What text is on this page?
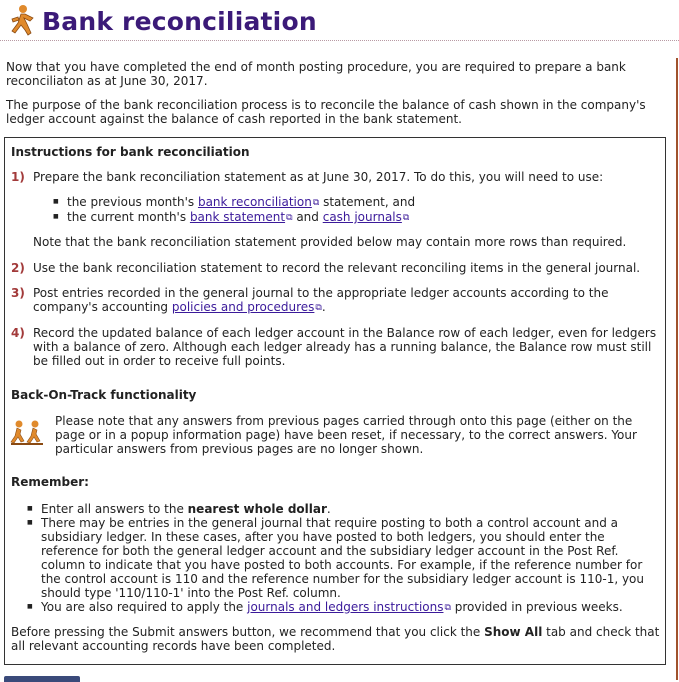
Bank reconciliation

Now that you have completed the end of month posting procedure, you are required to prepare a bank reconciliaton as at June 30, 2017.

The purpose of the bank reconciliation process is to reconcile the balance of cash shown in the company's ledger account against the balance of cash reported in the bank statement.

Instructions for bank reconciliation
1) Prepare the bank reconciliation statement as at June 30, 2017. To do this, you will need to use:
■ the previous month's bank reconciliation⧉ statement, and
■ the current month's bank statement⧉ and cash journals⧉
Note that the bank reconciliation statement provided below may contain more rows than required.
2) Use the bank reconciliation statement to record the relevant reconciling items in the general journal.
3) Post entries recorded in the general journal to the appropriate ledger accounts according to the company's accounting policies and procedures⧉.
4) Record the updated balance of each ledger account in the Balance row of each ledger, even for ledgers with a balance of zero. Although each ledger already has a running balance, the Balance row must still be filled out in order to receive full points.
Back-On-Track functionality
Please note that any answers from previous pages carried through onto this page (either on the page or in a popup information page) have been reset, if necessary, to the correct answers. Your particular answers from previous pages are no longer shown.
Remember:
■ Enter all answers to the nearest whole dollar.
■ There may be entries in the general journal that require posting to both a control account and a subsidiary ledger. In these cases, after you have posted to both ledgers, you should enter the reference for both the general ledger account and the subsidiary ledger account in the Post Ref. column to indicate that you have posted to both accounts. For example, if the reference number for the control account is 110 and the reference number for the subsidiary ledger account is 110-1, you should type '110/110-1' into the Post Ref. column.
■ You are also required to apply the journals and ledgers instructions⧉ provided in previous weeks.
Before pressing the Submit answers button, we recommend that you click the Show All tab and check that all relevant accounting records have been completed.
